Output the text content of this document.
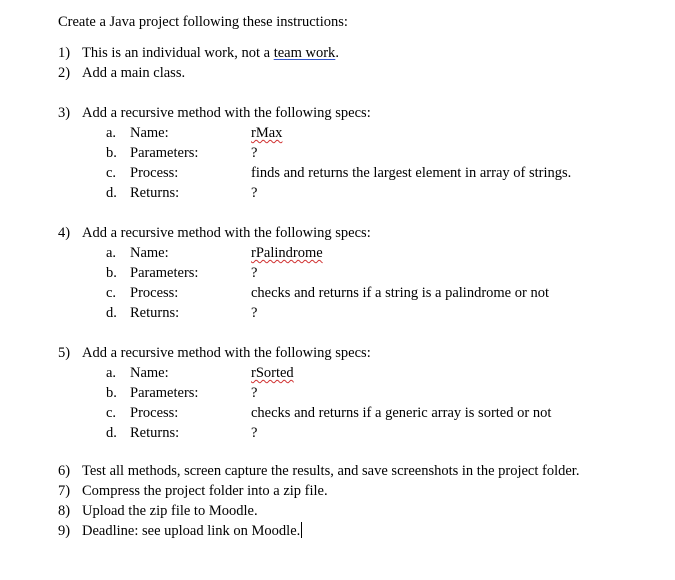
Create a Java project following these instructions:
1) This is an individual work, not a team work.
2) Add a main class.
3) Add a recursive method with the following specs:
a. Name:	rMax
b. Parameters:	?
c. Process:	finds and returns the largest element in array of strings.
d. Returns:	?
4) Add a recursive method with the following specs:
a. Name:	rPalindrome
b. Parameters:	?
c. Process:	checks and returns if a string is a palindrome or not
d. Returns:	?
5) Add a recursive method with the following specs:
a. Name:	rSorted
b. Parameters:	?
c. Process:	checks and returns if a generic array is sorted or not
d. Returns:	?
6) Test all methods, screen capture the results, and save screenshots in the project folder.
7) Compress the project folder into a zip file.
8) Upload the zip file to Moodle.
9) Deadline: see upload link on Moodle.
